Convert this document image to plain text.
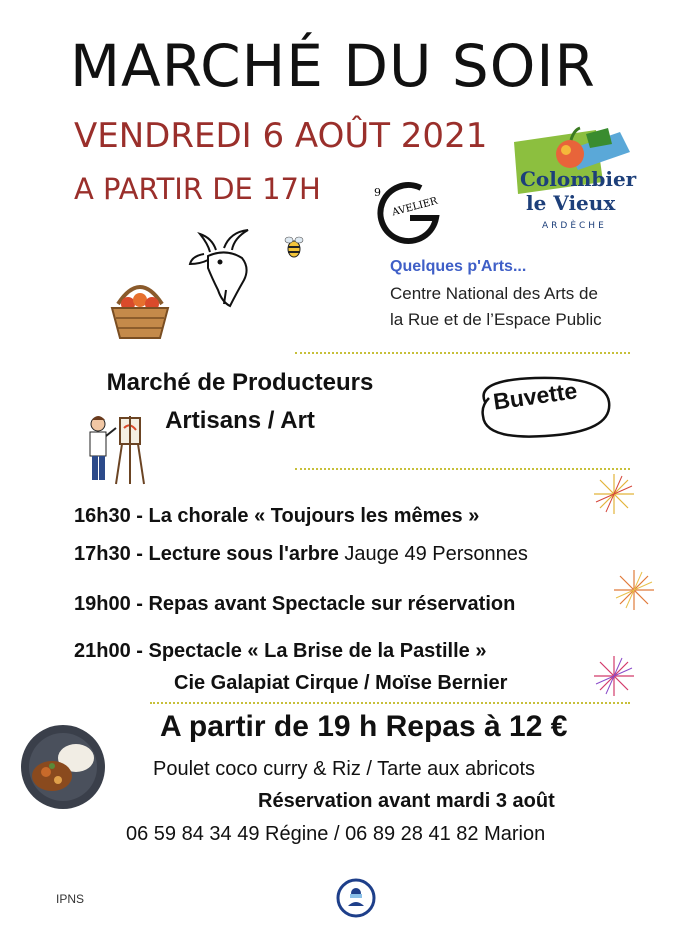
MARCHÉ DU SOIR
VENDREDI 6 AOÛT 2021
A PARTIR DE 17H
AVELIER
9
Colombier
le Vieux
ARDÈCHE
Quelques p'Arts...
Centre National des Arts de
la Rue et de l’Espace Public
Marché de Producteurs
Artisans / Art
Buvette
16h30 - La chorale « Toujours les mêmes »
17h30 - Lecture sous l'arbre Jauge 49 Personnes
19h00 - Repas avant Spectacle sur réservation
21h00 - Spectacle « La Brise de la Pastille »
Cie Galapiat Cirque / Moïse Bernier
A partir de 19 h Repas à 12 €
Poulet coco curry & Riz / Tarte aux abricots
Réservation avant mardi 3 août
06 59 84 34 49 Régine / 06 89 28 41 82 Marion
IPNS
